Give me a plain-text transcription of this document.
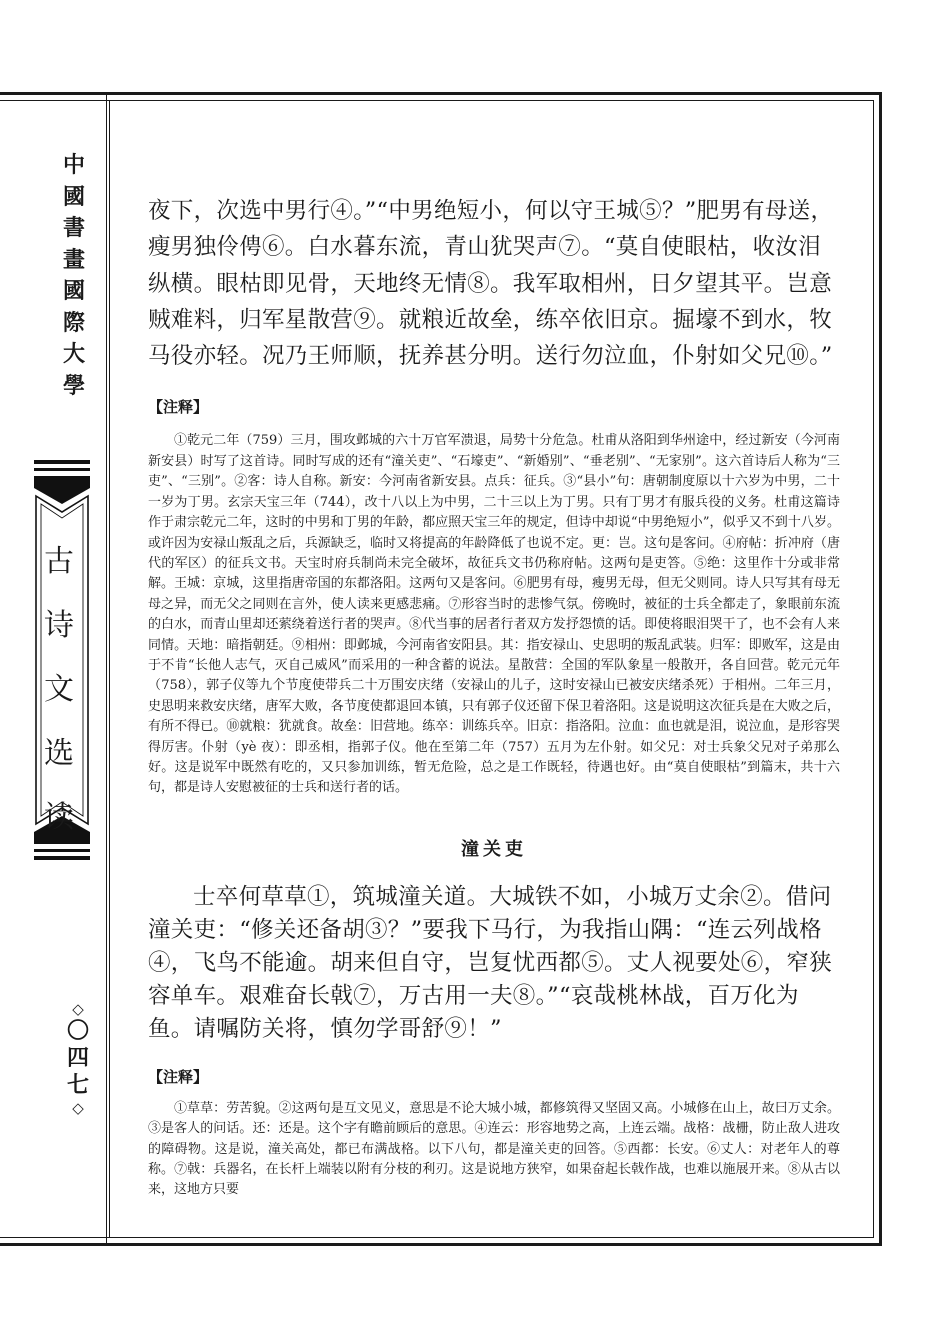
中
國
書
畫
國
際
大
學
古
诗
文
选
读
◇
〇
四
七
◇

夜下，次选中男行④。”“中男绝短小，何以守王城⑤？”肥男有母送，瘦男独伶俜⑥。白水暮东流，青山犹哭声⑦。“莫自使眼枯，收汝泪纵横。眼枯即见骨，天地终无情⑧。我军取相州，日夕望其平。岂意贼难料，归军星散营⑨。就粮近故垒，练卒依旧京。掘壕不到水，牧马役亦轻。况乃王师顺，抚养甚分明。送行勿泣血，仆射如父兄⑩。”

【注释】

①乾元二年（759）三月，围攻邺城的六十万官军溃退，局势十分危急。杜甫从洛阳到华州途中，经过新安（今河南新安县）时写了这首诗。同时写成的还有“潼关吏”、“石壕吏”、“新婚别”、“垂老别”、“无家别”。这六首诗后人称为“三吏”、“三别”。②客：诗人自称。新安：今河南省新安县。点兵：征兵。③“县小”句：唐朝制度原以十六岁为中男，二十一岁为丁男。玄宗天宝三年（744），改十八以上为中男，二十三以上为丁男。只有丁男才有服兵役的义务。杜甫这篇诗作于肃宗乾元二年，这时的中男和丁男的年龄，都应照天宝三年的规定，但诗中却说“中男绝短小”，似乎又不到十八岁。或许因为安禄山叛乱之后，兵源缺乏，临时又将提高的年龄降低了也说不定。更：岂。这句是客问。④府帖：折冲府（唐代的军区）的征兵文书。天宝时府兵制尚未完全破坏，故征兵文书仍称府帖。这两句是吏答。⑤绝：这里作十分或非常解。王城：京城，这里指唐帝国的东都洛阳。这两句又是客问。⑥肥男有母，瘦男无母，但无父则同。诗人只写其有母无母之异，而无父之同则在言外，使人读来更感悲痛。⑦形容当时的悲惨气氛。傍晚时，被征的士兵全都走了，象眼前东流的白水，而青山里却还萦绕着送行者的哭声。⑧代当事的居者行者双方发抒怨愤的话。即使将眼泪哭干了，也不会有人来同情。天地：暗指朝廷。⑨相州：即邺城，今河南省安阳县。其：指安禄山、史思明的叛乱武装。归军：即败军，这是由于不肯“长他人志气，灭自己威风”而采用的一种含蓄的说法。星散营：全国的军队象星一般散开，各自回营。乾元元年（758），郭子仪等九个节度使带兵二十万围安庆绪（安禄山的儿子，这时安禄山已被安庆绪杀死）于相州。二年三月，史思明来救安庆绪，唐军大败，各节度使都退回本镇，只有郭子仪还留下保卫着洛阳。这是说明这次征兵是在大败之后，有所不得已。⑩就粮：犹就食。故垒：旧营地。练卒：训练兵卒。旧京：指洛阳。泣血：血也就是泪，说泣血，是形容哭得厉害。仆射（yè 夜）：即丞相，指郭子仪。他在至第二年（757）五月为左仆射。如父兄：对士兵象父兄对子弟那么好。这是说军中既然有吃的，又只参加训练，暂无危险，总之是工作既轻，待遇也好。由“莫自使眼枯”到篇末，共十六句，都是诗人安慰被征的士兵和送行者的话。

潼关吏

士卒何草草①，筑城潼关道。大城铁不如，小城万丈余②。借问潼关吏：“修关还备胡③？”要我下马行，为我指山隅：“连云列战格④，飞鸟不能逾。胡来但自守，岂复忧西都⑤。丈人视要处⑥，窄狭容单车。艰难奋长戟⑦，万古用一夫⑧。”“哀哉桃林战，百万化为鱼。请嘱防关将，慎勿学哥舒⑨！”

【注释】

①草草：劳苦貌。②这两句是互文见义，意思是不论大城小城，都修筑得又坚固又高。小城修在山上，故曰万丈余。③是客人的问话。还：还是。这个字有瞻前顾后的意思。④连云：形容地势之高，上连云端。战格：战栅，防止敌人进攻的障碍物。这是说，潼关高处，都已布满战格。以下八句，都是潼关吏的回答。⑤西都：长安。⑥丈人：对老年人的尊称。⑦戟：兵器名，在长杆上端装以附有分枝的利刃。这是说地方狭窄，如果奋起长戟作战，也难以施展开来。⑧从古以来，这地方只要
